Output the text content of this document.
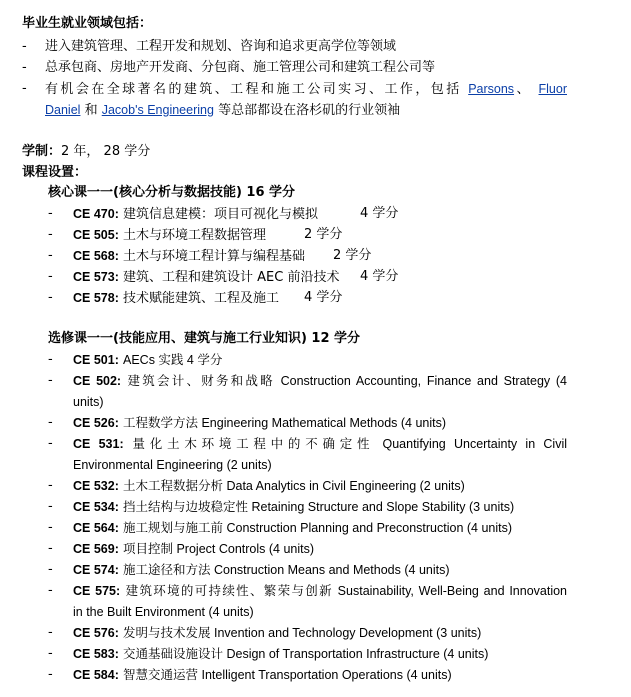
毕业生就业领域包括：
- 进入建筑管理、工程开发和规划、咨询和追求更高学位等领域
- 总承包商、房地产开发商、分包商、施工管理公司和建筑工程公司等
- 有机会在全球著名的建筑、工程和施工公司实习、工作，包括 Parsons、 Fluor
Daniel 和 Jacob's Engineering 等总部都设在洛杉矶的行业领袖
学制：2 年， 28 学分
课程设置：
核心课一一(核心分析与数据技能) 16 学分
- CE 470: 建筑信息建模：项目可视化与模拟	4 学分
- CE 505: 土木与环境工程数据管理	2 学分
- CE 568: 土木与环境工程计算与编程基础 2 学分
- CE 573: 建筑、工程和建筑设计 AEC 前沿技术 4 学分
- CE 578: 技术赋能建筑、工程及施工 4 学分
选修课一一(技能应用、建筑与施工行业知识) 12 学分
- CE 501: AECs 实践 4 学分
- CE 502: 建筑会计、财务和战略 Construction Accounting, Finance and Strategy (4
units)
- CE 526: 工程数学方法 Engineering Mathematical Methods (4 units)
- CE 531: 量化土木环境工程中的不确定性 Quantifying Uncertainty in Civil
Environmental Engineering (2 units)
- CE 532: 土木工程数据分析 Data Analytics in Civil Engineering (2 units)
- CE 534: 挡土结构与边坡稳定性 Retaining Structure and Slope Stability (3 units)
- CE 564: 施工规划与施工前 Construction Planning and Preconstruction (4 units)
- CE 569: 项目控制 Project Controls (4 units)
- CE 574: 施工途径和方法 Construction Means and Methods (4 units)
- CE 575: 建筑环境的可持续性、繁荣与创新 Sustainability, Well-Being and Innovation
in the Built Environment (4 units)
- CE 576: 发明与技术发展 Invention and Technology Development (3 units)
- CE 583: 交通基础设施设计 Design of Transportation Infrastructure (4 units)
- CE 584: 智慧交通运营 Intelligent Transportation Operations (4 units)
